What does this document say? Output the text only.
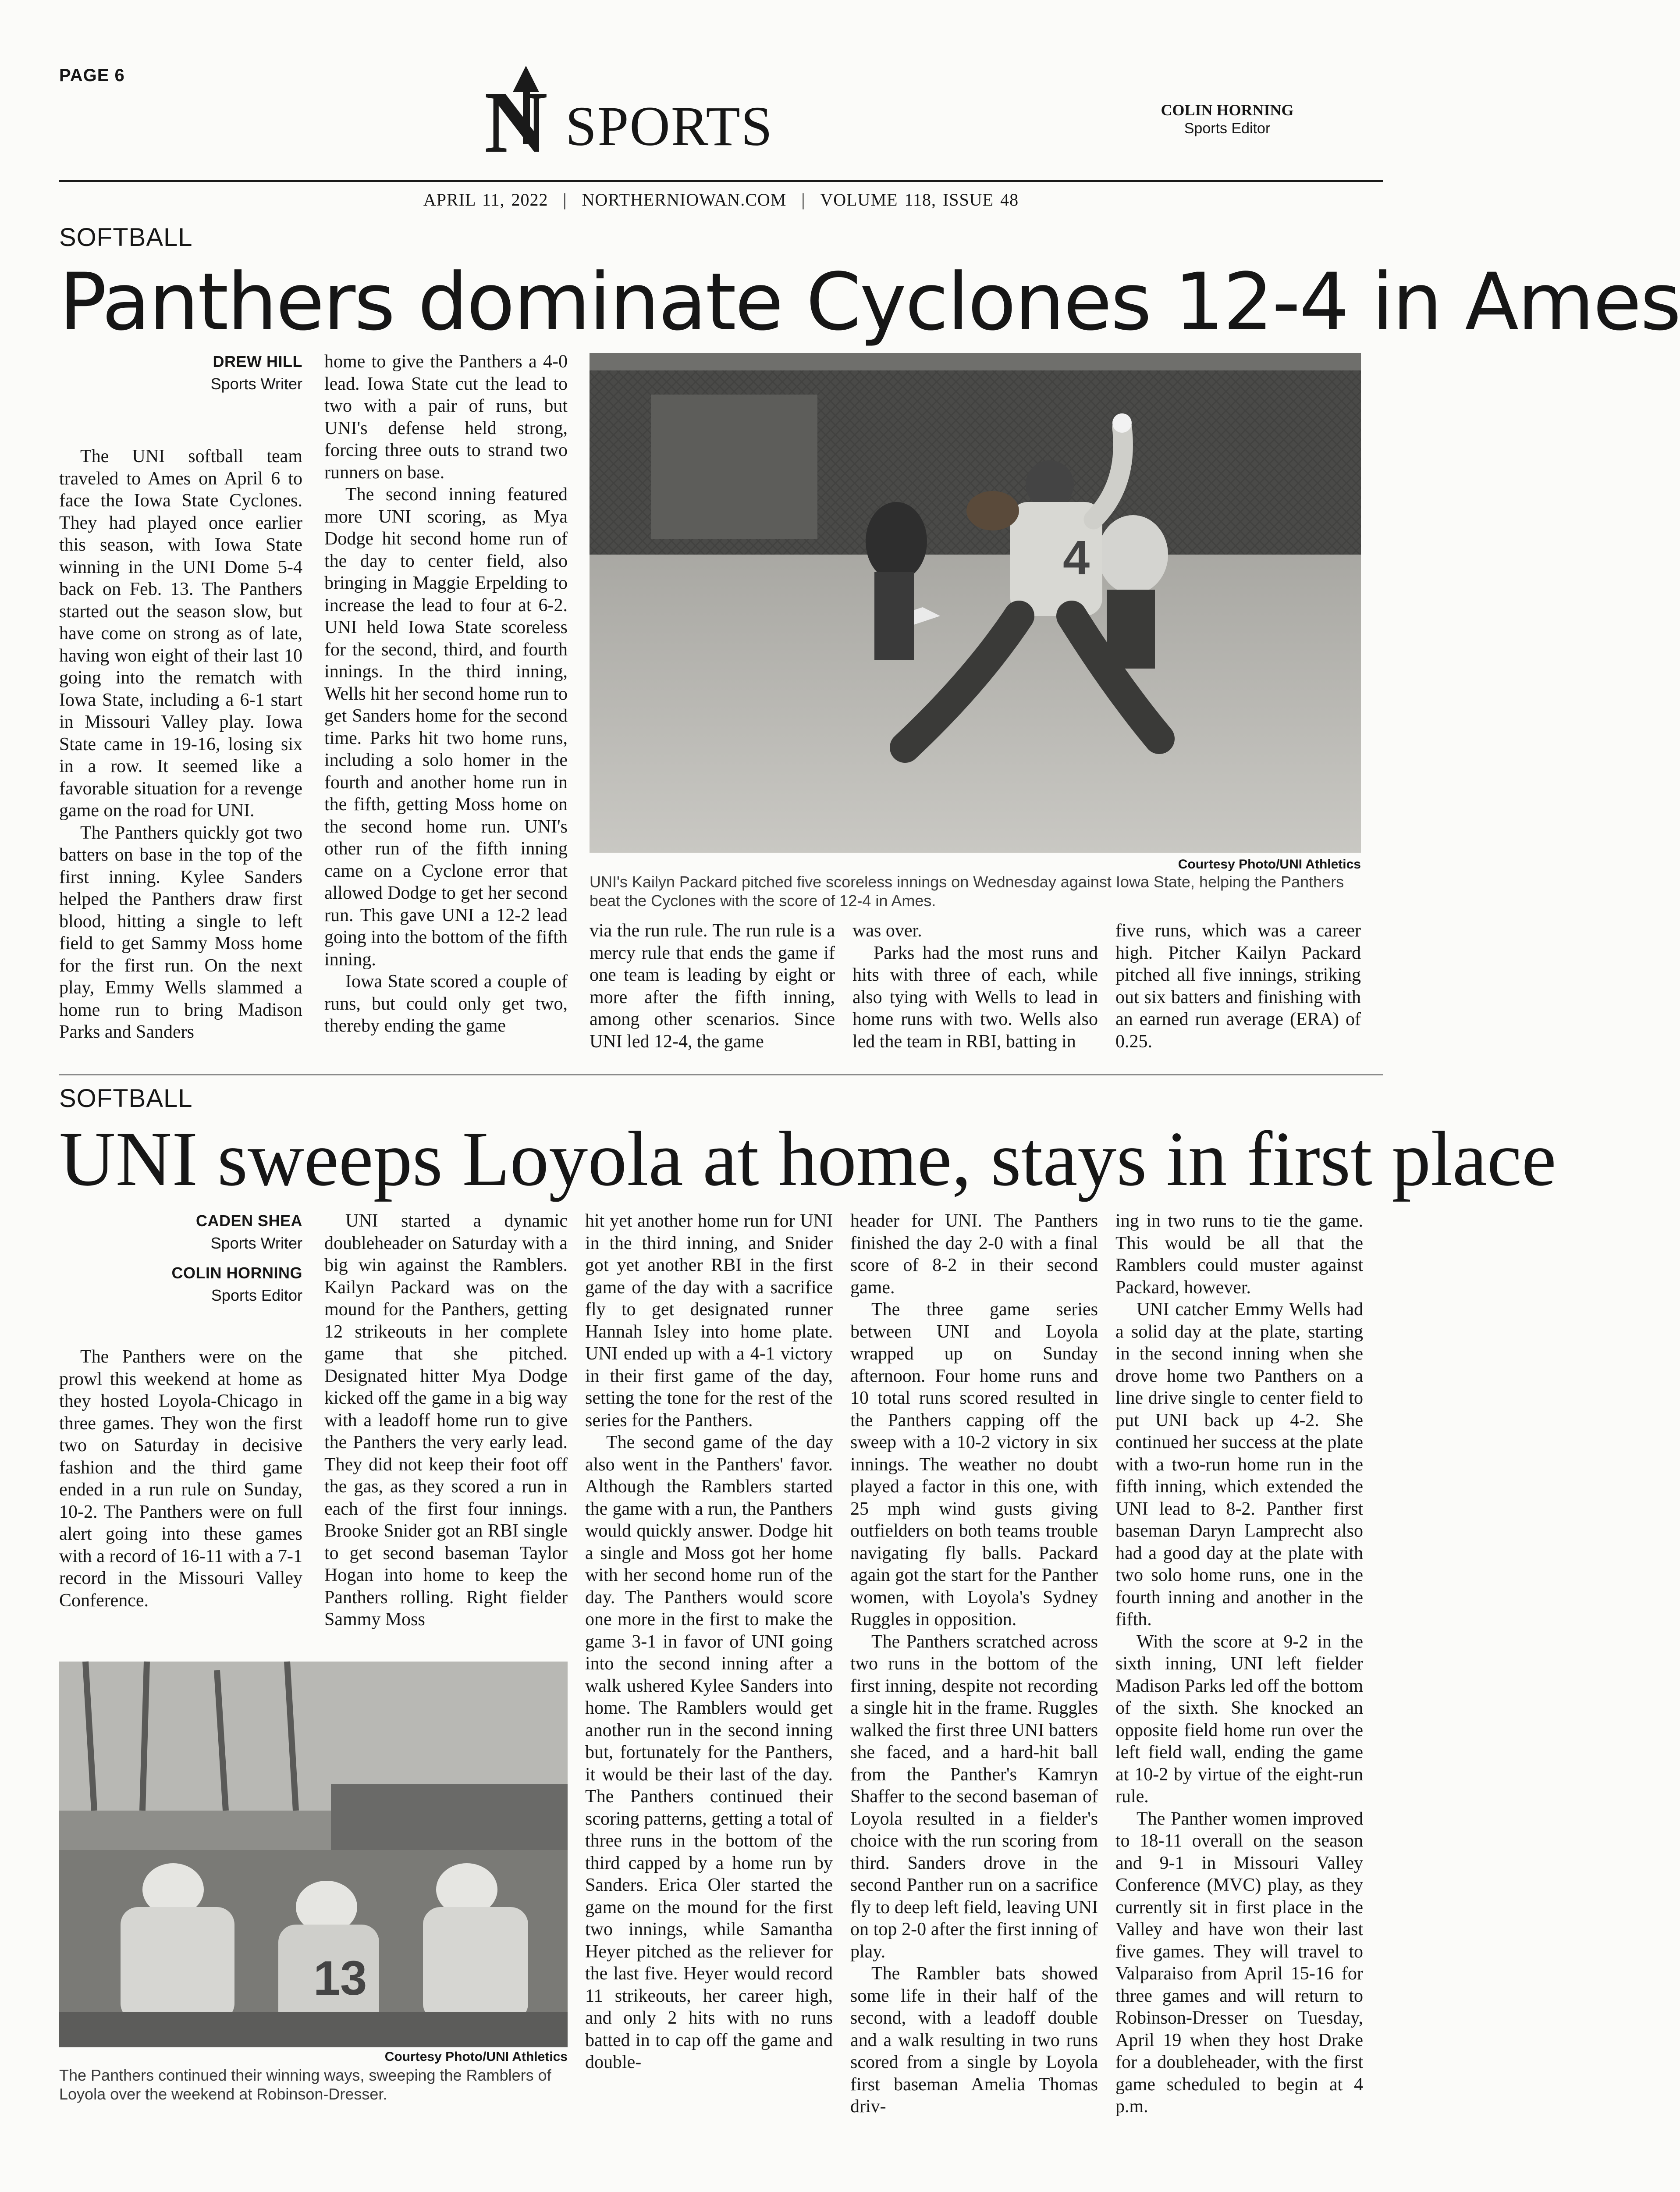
PAGE 6	N SPORTS	COLIN HORNING
Sports Editor
APRIL 11, 2022 | NORTHERNIOWAN.COM | VOLUME 118, ISSUE 48
SOFTBALL
Panthers dominate Cyclones 12-4 in Ames
DREW HILL
Sports Writer

The UNI softball team traveled to Ames on April 6 to face the Iowa State Cyclones. They had played once earlier this season, with Iowa State winning in the UNI Dome 5-4 back on Feb. 13. The Panthers started out the season slow, but have come on strong as of late, having won eight of their last 10 going into the rematch with Iowa State, including a 6-1 start in Missouri Valley play. Iowa State came in 19-16, losing six in a row. It seemed like a favorable situation for a revenge game on the road for UNI.

The Panthers quickly got two batters on base in the top of the first inning. Kylee Sanders helped the Panthers draw first blood, hitting a single to left field to get Sammy Moss home for the first run. On the next play, Emmy Wells slammed a home run to bring Madison Parks and Sanders

home to give the Panthers a 4-0 lead. Iowa State cut the lead to two with a pair of runs, but UNI's defense held strong, forcing three outs to strand two runners on base.

The second inning featured more UNI scoring, as Mya Dodge hit second home run of the day to center field, also bringing in Maggie Erpelding to increase the lead to four at 6-2. UNI held Iowa State scoreless for the second, third, and fourth innings. In the third inning, Wells hit her second home run to get Sanders home for the second time. Parks hit two home runs, including a solo homer in the fourth and another home run in the fifth, getting Moss home on the second home run. UNI's other run of the fifth inning came on a Cyclone error that allowed Dodge to get her second run. This gave UNI a 12-2 lead going into the bottom of the fifth inning.

Iowa State scored a couple of runs, but could only get two, thereby ending the game

4
Courtesy Photo/UNI Athletics
UNI's Kailyn Packard pitched five scoreless innings on Wednesday against Iowa State, helping the Panthers beat the Cyclones with the score of 12-4 in Ames.

via the run rule. The run rule is a mercy rule that ends the game if one team is leading by eight or more after the fifth inning, among other scenarios. Since UNI led 12-4, the game

was over.

Parks had the most runs and hits with three of each, while also tying with Wells to lead in home runs with two. Wells also led the team in RBI, batting in

five runs, which was a career high. Pitcher Kailyn Packard pitched all five innings, striking out six batters and finishing with an earned run average (ERA) of 0.25.

SOFTBALL
UNI sweeps Loyola at home, stays in first place
CADEN SHEA
Sports Writer
COLIN HORNING
Sports Editor

The Panthers were on the prowl this weekend at home as they hosted Loyola-Chicago in three games. They won the first two on Saturday in decisive fashion and the third game ended in a run rule on Sunday, 10-2. The Panthers were on full alert going into these games with a record of 16-11 with a 7-1 record in the Missouri Valley Conference.

UNI started a dynamic doubleheader on Saturday with a big win against the Ramblers. Kailyn Packard was on the mound for the Panthers, getting 12 strikeouts in her complete game that she pitched. Designated hitter Mya Dodge kicked off the game in a big way with a leadoff home run to give the Panthers the very early lead. They did not keep their foot off the gas, as they scored a run in each of the first four innings. Brooke Snider got an RBI single to get second baseman Taylor Hogan into home to keep the Panthers rolling. Right fielder Sammy Moss

13
Courtesy Photo/UNI Athletics
The Panthers continued their winning ways, sweeping the Ramblers of Loyola over the weekend at Robinson-Dresser.

hit yet another home run for UNI in the third inning, and Snider got yet another RBI in the first game of the day with a sacrifice fly to get designated runner Hannah Isley into home plate. UNI ended up with a 4-1 victory in their first game of the day, setting the tone for the rest of the series for the Panthers.

The second game of the day also went in the Panthers' favor. Although the Ramblers started the game with a run, the Panthers would quickly answer. Dodge hit a single and Moss got her home with her second home run of the day. The Panthers would score one more in the first to make the game 3-1 in favor of UNI going into the second inning after a walk ushered Kylee Sanders into home. The Ramblers would get another run in the second inning but, fortunately for the Panthers, it would be their last of the day. The Panthers continued their scoring patterns, getting a total of three runs in the bottom of the third capped by a home run by Sanders. Erica Oler started the game on the mound for the first two innings, while Samantha Heyer pitched as the reliever for the last five. Heyer would record 11 strikeouts, her career high, and only 2 hits with no runs batted in to cap off the game and double-

header for UNI. The Panthers finished the day 2-0 with a final score of 8-2 in their second game.

The three game series between UNI and Loyola wrapped up on Sunday afternoon. Four home runs and 10 total runs scored resulted in the Panthers capping off the sweep with a 10-2 victory in six innings. The weather no doubt played a factor in this one, with 25 mph wind gusts giving outfielders on both teams trouble navigating fly balls. Packard again got the start for the Panther women, with Loyola's Sydney Ruggles in opposition.

The Panthers scratched across two runs in the bottom of the first inning, despite not recording a single hit in the frame. Ruggles walked the first three UNI batters she faced, and a hard-hit ball from the Panther's Kamryn Shaffer to the second baseman of Loyola resulted in a fielder's choice with the run scoring from third. Sanders drove in the second Panther run on a sacrifice fly to deep left field, leaving UNI on top 2-0 after the first inning of play.

The Rambler bats showed some life in their half of the second, with a leadoff double and a walk resulting in two runs scored from a single by Loyola first baseman Amelia Thomas driv-

ing in two runs to tie the game. This would be all that the Ramblers could muster against Packard, however.

UNI catcher Emmy Wells had a solid day at the plate, starting in the second inning when she drove home two Panthers on a line drive single to center field to put UNI back up 4-2. She continued her success at the plate with a two-run home run in the fifth inning, which extended the UNI lead to 8-2. Panther first baseman Daryn Lamprecht also had a good day at the plate with two solo home runs, one in the fourth inning and another in the fifth.

With the score at 9-2 in the sixth inning, UNI left fielder Madison Parks led off the bottom of the sixth. She knocked an opposite field home run over the left field wall, ending the game at 10-2 by virtue of the eight-run rule.

The Panther women improved to 18-11 overall on the season and 9-1 in Missouri Valley Conference (MVC) play, as they currently sit in first place in the Valley and have won their last five games. They will travel to Valparaiso from April 15-16 for three games and will return to Robinson-Dresser on Tuesday, April 19 when they host Drake for a doubleheader, with the first game scheduled to begin at 4 p.m.
